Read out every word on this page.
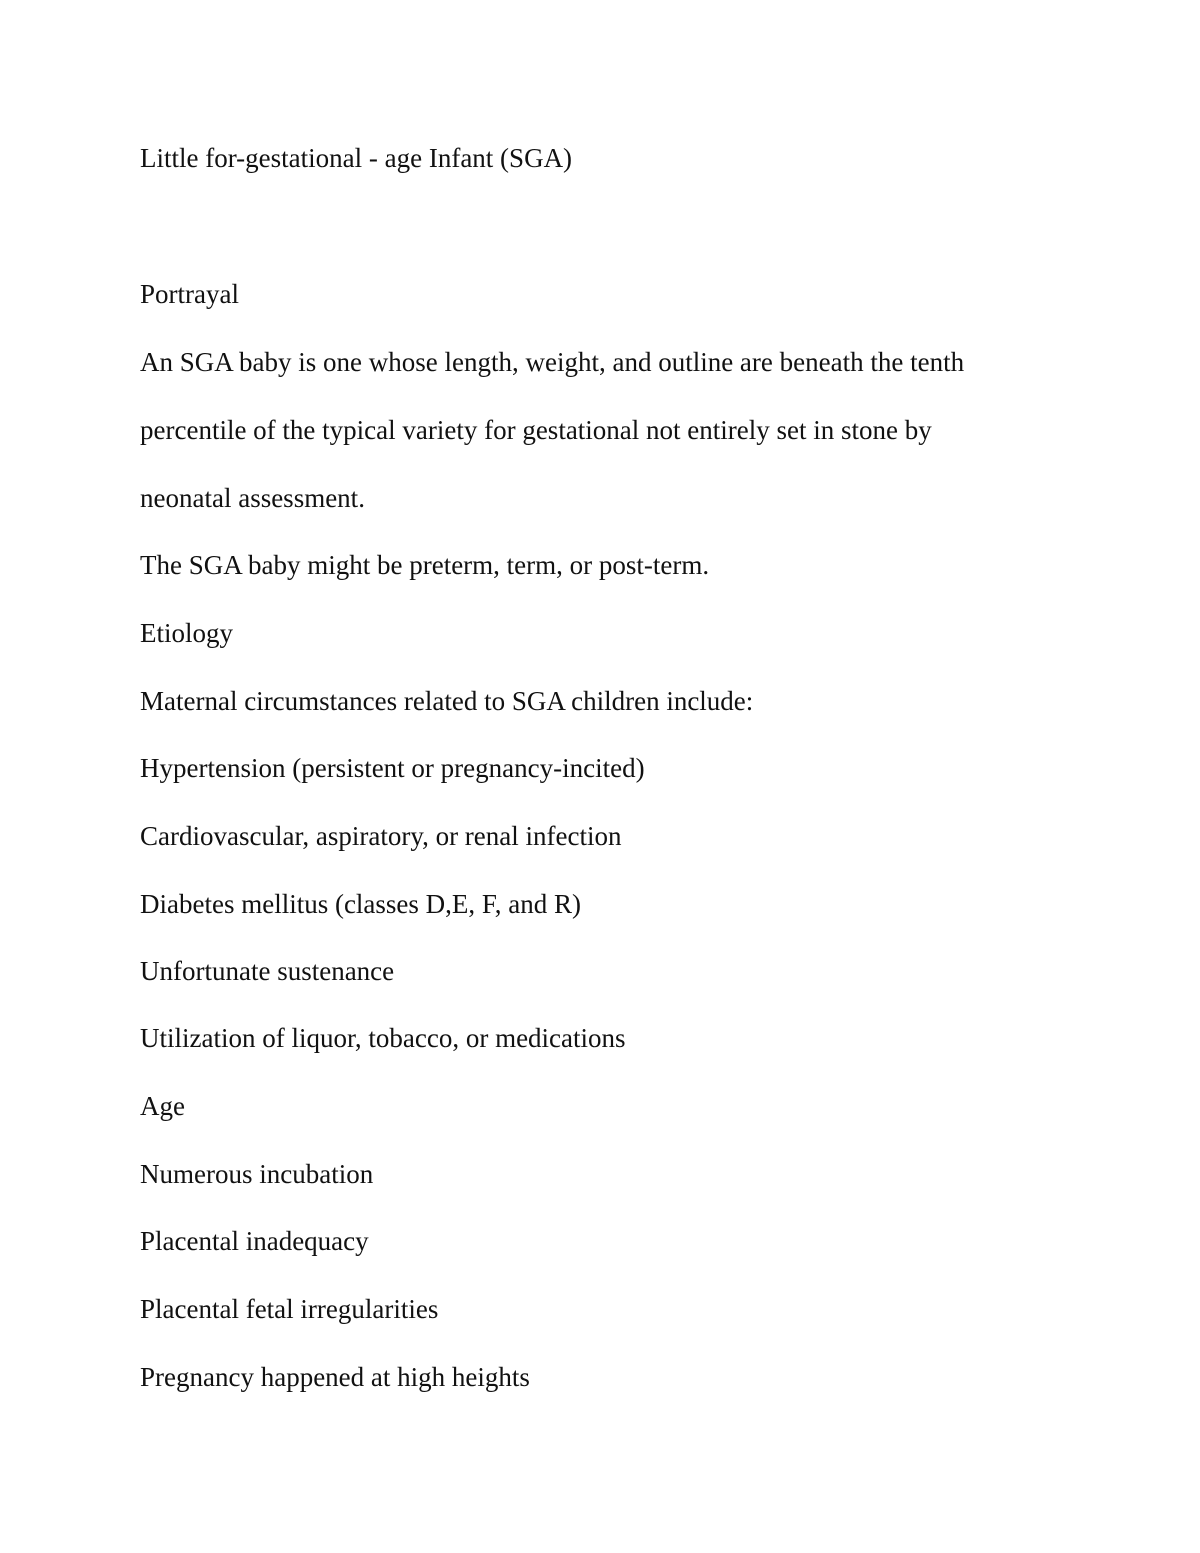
Little for-gestational - age Infant (SGA)
Portrayal
An SGA baby is one whose length, weight, and outline are beneath the tenth
percentile of the typical variety for gestational not entirely set in stone by
neonatal assessment.
The SGA baby might be preterm, term, or post-term.
Etiology
Maternal circumstances related to SGA children include:
Hypertension (persistent or pregnancy-incited)
Cardiovascular, aspiratory, or renal infection
Diabetes mellitus (classes D,E, F, and R)
Unfortunate sustenance
Utilization of liquor, tobacco, or medications
Age
Numerous incubation
Placental inadequacy
Placental fetal irregularities
Pregnancy happened at high heights
